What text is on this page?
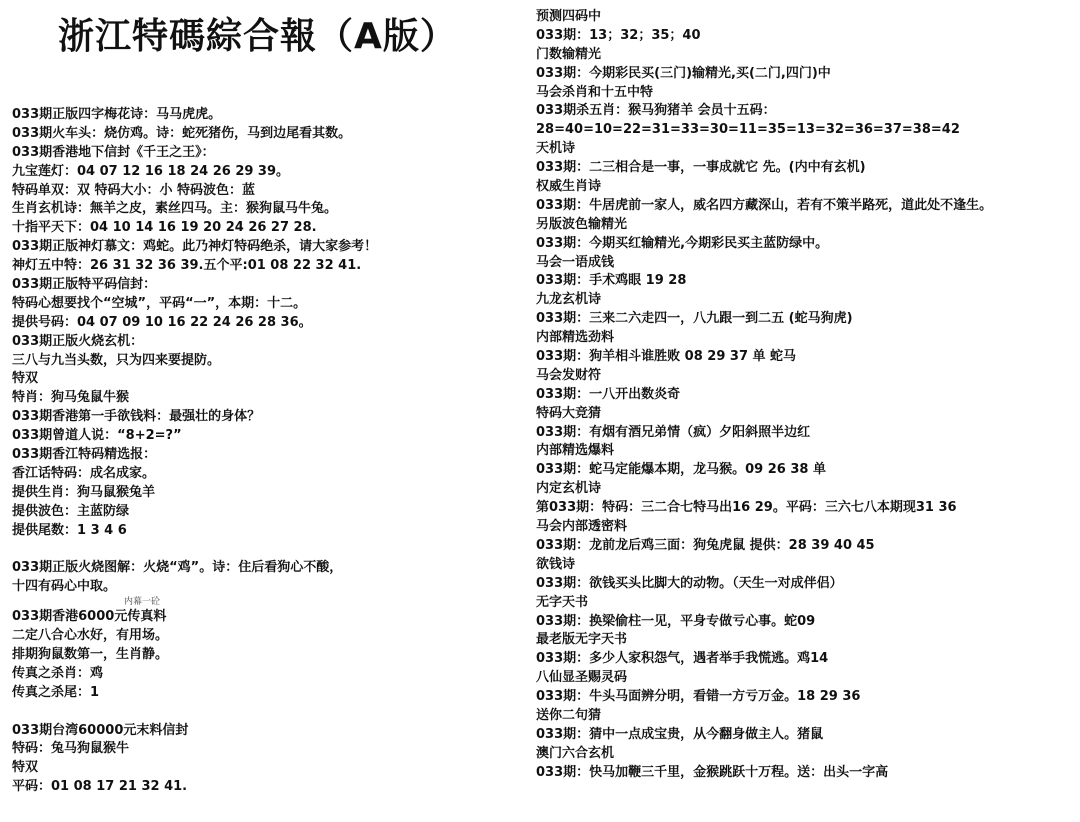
浙江特碼綜合報（A版）
033期正版四字梅花诗：马马虎虎。
033期火车头：烧仿鸡。诗：蛇死猪伤，马到边尾看其数。
033期香港地下信封《千王之王》：
九宝莲灯：04 07 12 16 18 24 26 29 39。
特码单双：双 特码大小：小 特码波色：蓝
生肖玄机诗：無羊之皮，素丝四马。主：猴狗鼠马牛兔。
十指平天下：04 10 14 16 19 20 24 26 27 28.
033期正版神灯慕文：鸡蛇。此乃神灯特码绝杀，请大家参考！
神灯五中特：26 31 32 36 39.五个平:01 08 22 32 41.
033期正版特平码信封：
特码心想要找个“空城”，平码“一”，本期：十二。
提供号码：04 07 09 10 16 22 24 26 28 36。
033期正版火烧玄机：
三八与九当头数，只为四来要提防。
特双
特肖：狗马兔鼠牛猴
033期香港第一手欲钱料：最强壮的身体？
033期曾道人说：“8+2=?”
033期香江特码精选报：
香江话特码：成名成家。
提供生肖：狗马鼠猴兔羊
提供波色：主蓝防绿
提供尾数：1 3 4 6
033期正版火烧图解：火烧“鸡”。诗：住后看狗心不酸，
十四有码心中取。
内幕一砼
033期香港6000元传真料
二定八合心水好，有用场。
排期狗鼠数第一，生肖静。
传真之杀肖：鸡
传真之杀尾：1
033期台湾60000元末料信封
特码：兔马狗鼠猴牛
特双
平码：01 08 17 21 32 41.
预测四码中
033期：13；32；35；40
门数输精光
033期：今期彩民买(三门)输精光,买(二门,四门)中
马会杀肖和十五中特
033期杀五肖：猴马狗猪羊 会员十五码：
28=40=10=22=31=33=30=11=35=13=32=36=37=38=42
天机诗
033期：二三相合是一事，一事成就它 先。(内中有玄机)
权威生肖诗
033期：牛居虎前一家人，威名四方藏深山，若有不策半路死，道此处不逢生。
另版波色输精光
033期：今期买红输精光,今期彩民买主蓝防绿中。
马会一语成钱
033期：手术鸡眼 19 28
九龙玄机诗
033期：三来二六走四一，八九跟一到二五 (蛇马狗虎)
内部精选劲料
033期：狗羊相斗谁胜败 08 29 37 单 蛇马
马会发财符
033期：一八开出数炎奇
特码大竞猜
033期：有烟有酒兄弟情（疯）夕阳斜照半边红
内部精选爆料
033期：蛇马定能爆本期，龙马猴。09 26 38 单
内定玄机诗
第033期：特码：三二合七特马出16 29。平码：三六七八本期现31 36
马会内部透密料
033期：龙前龙后鸡三面：狗兔虎鼠 提供：28 39 40 45
欲钱诗
033期：欲钱买头比脚大的动物。（天生一对成伴侣）
无字天书
033期：换梁偷柱一见，平身专做亏心事。蛇09
最老版无字天书
033期：多少人家积怨气，遇者举手我慌逃。鸡14
八仙显圣赐灵码
033期：牛头马面辨分明，看错一方亏万金。18 29 36
送你二句猜
033期：猜中一点成宝贵，从今翻身做主人。猪鼠
澳门六合玄机
033期：快马加鞭三千里，金猴跳跃十万程。送：出头一字高
